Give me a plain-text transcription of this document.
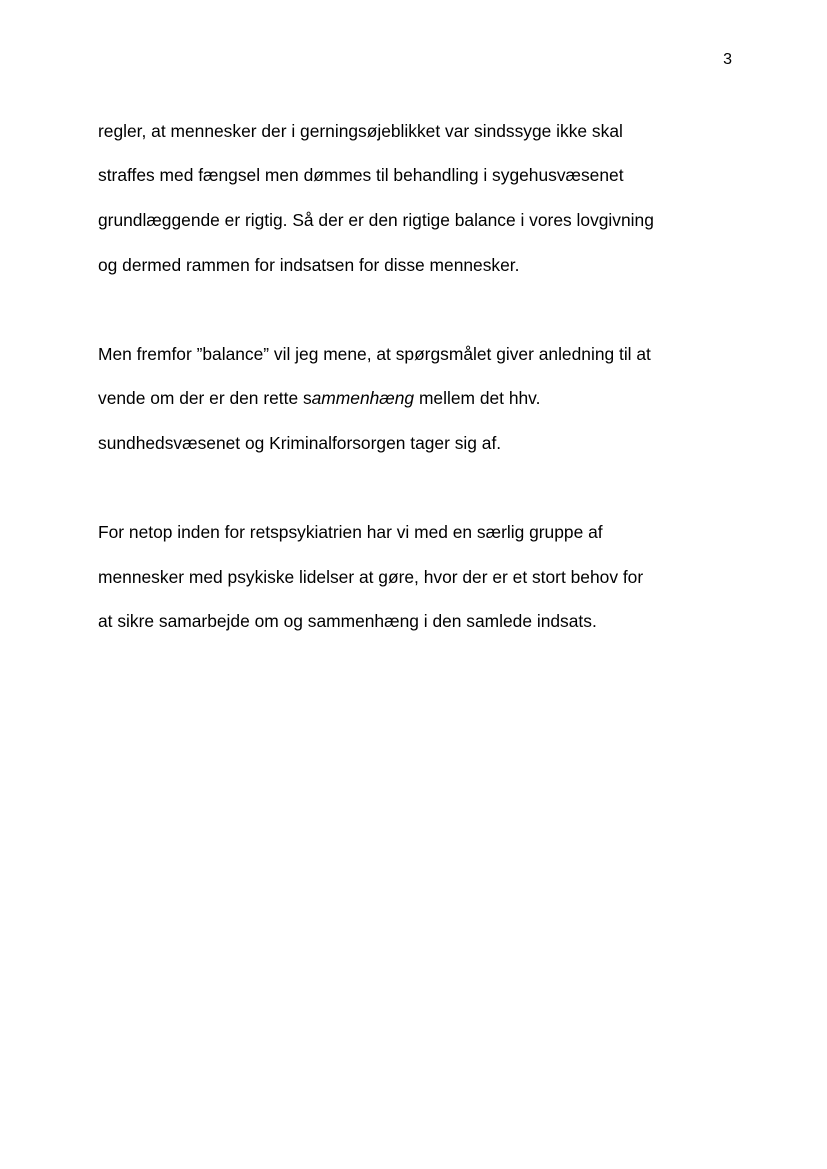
3
regler, at mennesker der i gerningsøjeblikket var sindssyge ikke skal
straffes med fængsel men dømmes til behandling i sygehusvæsenet
grundlæggende er rigtig. Så der er den rigtige balance i vores lovgivning
og dermed rammen for indsatsen for disse mennesker.
Men fremfor ”balance” vil jeg mene, at spørgsmålet giver anledning til at
vende om der er den rette sammenhæng mellem det hhv.
sundhedsvæsenet og Kriminalforsorgen tager sig af.
For netop inden for retspsykiatrien har vi med en særlig gruppe af
mennesker med psykiske lidelser at gøre, hvor der er et stort behov for
at sikre samarbejde om og sammenhæng i den samlede indsats.
